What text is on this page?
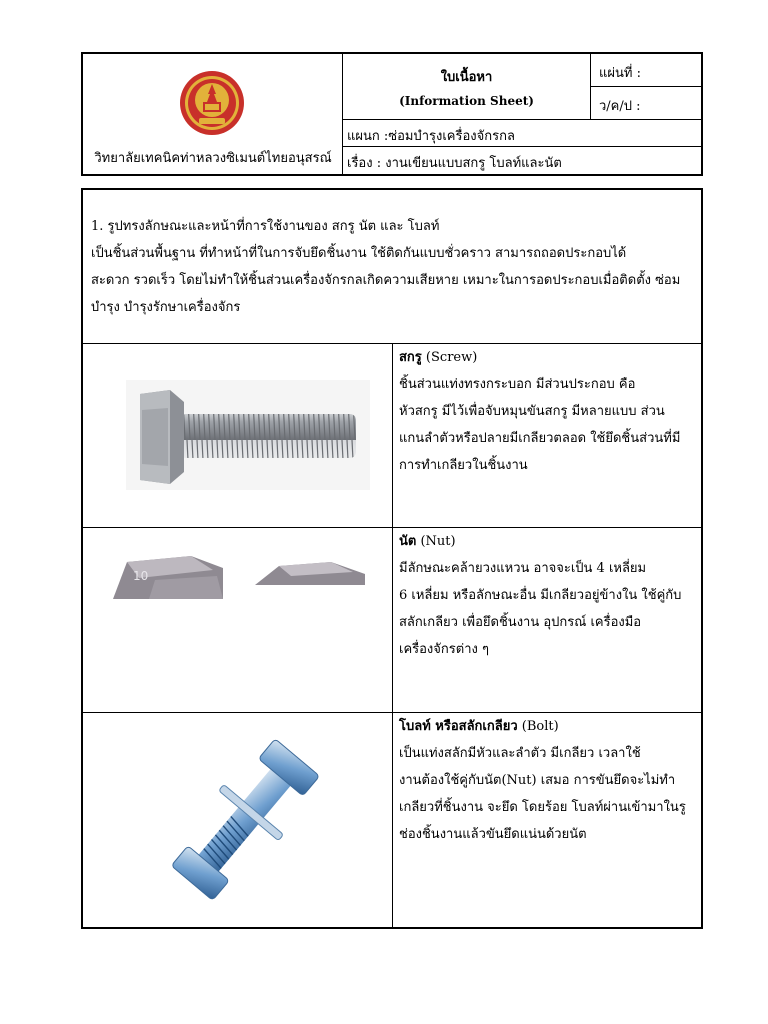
วิทยาลัยเทคนิคท่าหลวงซิเมนต์ไทยอนุสรณ์
ใบเนื้อหา
(Information Sheet)
แผ่นที่ :
ว/ค/ป :
แผนก :ซ่อมบำรุงเครื่องจักรกล
เรื่อง : งานเขียนแบบสกรู โบลท์และนัต

1. รูปทรงลักษณะและหน้าที่การใช้งานของ สกรู นัต และ โบลท์

เป็นชิ้นส่วนพื้นฐาน ที่ทำหน้าที่ในการจับยึดชิ้นงาน ใช้ติดกันแบบชั่วคราว สามารถถอดประกอบได้

สะดวก รวดเร็ว โดยไม่ทำให้ชิ้นส่วนเครื่องจักรกลเกิดความเสียหาย เหมาะในการอดประกอบเมื่อติดตั้ง ซ่อม

บำรุง บำรุงรักษาเครื่องจักร

สกรู (Screw)

ชิ้นส่วนแท่งทรงกระบอก มีส่วนประกอบ คือ

หัวสกรู มีไว้เพื่อจับหมุนขันสกรู มีหลายแบบ ส่วน

แกนลำตัวหรือปลายมีเกลียวตลอด ใช้ยึดชิ้นส่วนที่มี

การทำเกลียวในชิ้นงาน

10

นัต (Nut)

มีลักษณะคล้ายวงแหวน อาจจะเป็น 4 เหลี่ยม

6 เหลี่ยม หรือลักษณะอื่น มีเกลียวอยู่ข้างใน ใช้คู่กับ

สลักเกลียว เพื่อยึดชิ้นงาน อุปกรณ์ เครื่องมือ

เครื่องจักรต่าง ๆ

โบลท์ หรือสลักเกลียว (Bolt)

เป็นแท่งสลักมีหัวและลำตัว มีเกลียว เวลาใช้

งานต้องใช้คู่กับนัต(Nut) เสมอ การขันยึดจะไม่ทำ

เกลียวที่ชิ้นงาน จะยึด โดยร้อย โบลท์ผ่านเข้ามาในรู

ช่องชิ้นงานแล้วขันยึดแน่นด้วยนัต
